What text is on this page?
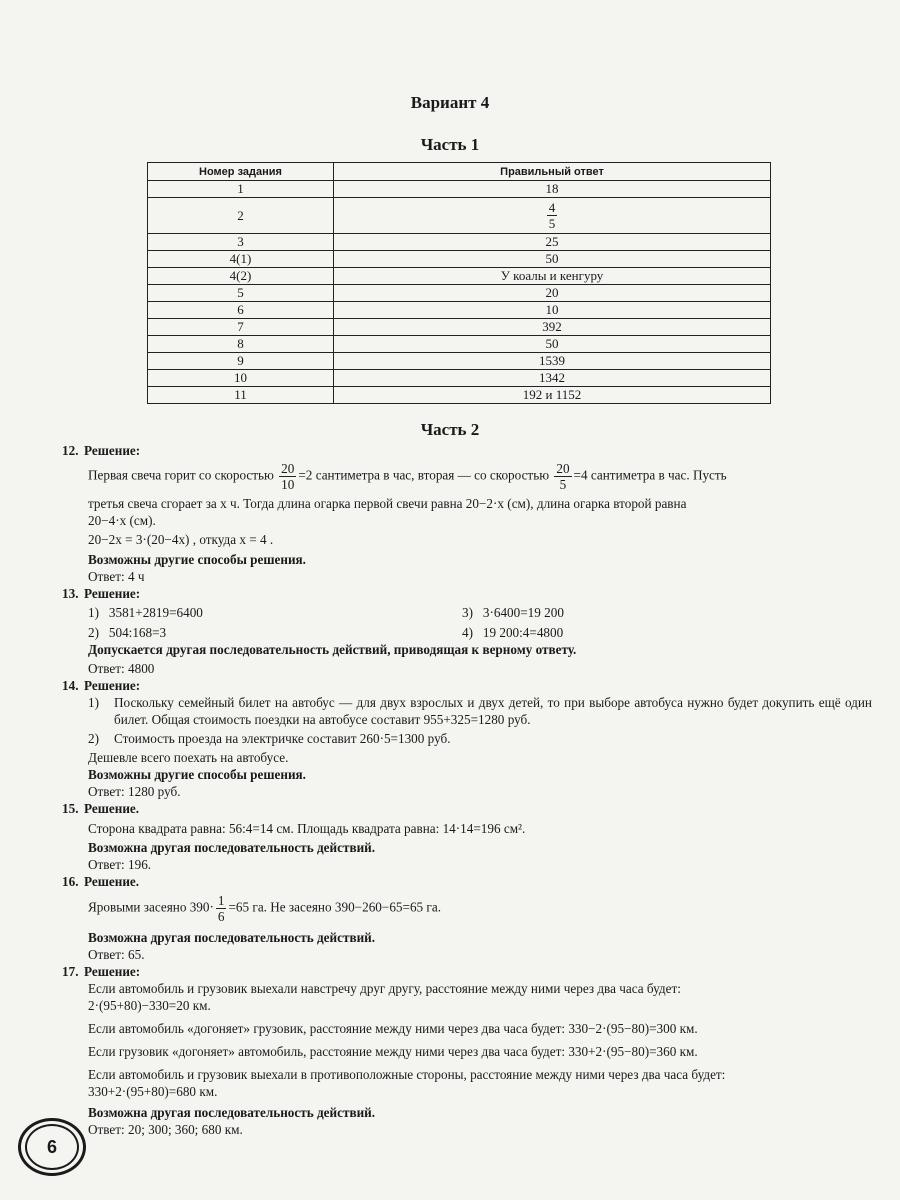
Вариант 4
Часть 1
Номер задания	Правильный ответ
1	18
2	$\frac{4}{5}$

3	25
4(1)	50
4(2)	У коалы и кенгуру
5	20
6	10
7	392
8	50
9	1539
10	1342
11	192 и 1152
Часть 2
12. Решение:
Первая свеча горит со скоростью $\frac{20}{10} =2$ сантиметра в час, вторая — со скоростью $\frac{20}{5} =4$ сантиметра в час. Пусть
третья свеча сгорает за x ч. Тогда длина огарка первой свечи равна 20−2·x (см), длина огарка второй равна
20−4·x (см).
20−2x = 3·(20−4x) , откуда x = 4 .
Возможны другие способы решения.
Ответ: 4 ч
13. Решение:
1)   3581+2819=6400	3)   3·6400=19 200
2)   504:168=3	4)   19 200:4=4800
Допускается другая последовательность действий, приводящая к верному ответу.
Ответ: 4800
14. Решение:
1)	Поскольку семейный билет на автобус — для двух взрослых и двух детей, то при выборе автобуса нужно будет докупить ещё один билет. Общая стоимость поездки на автобусе составит 955+325=1280 руб.
2)	Стоимость проезда на электричке составит 260·5=1300 руб.
Дешевле всего поехать на автобусе.
Возможны другие способы решения.
Ответ: 1280 руб.
15. Решение.
Сторона квадрата равна: 56:4=14 см. Площадь квадрата равна: 14·14=196 см².
Возможна другая последовательность действий.
Ответ: 196.
16. Решение.
Яровыми засеяно $390\cdot \frac{1}{6} =65$ га. Не засеяно 390−260−65=65 га.
Возможна другая последовательность действий.
Ответ: 65.
17. Решение:
Если автомобиль и грузовик выехали навстречу друг другу, расстояние между ними через два часа будет:
2·(95+80)−330=20 км.
Если автомобиль «догоняет» грузовик, расстояние между ними через два часа будет: 330−2·(95−80)=300 км.
Если грузовик «догоняет» автомобиль, расстояние между ними через два часа будет: 330+2·(95−80)=360 км.
Если автомобиль и грузовик выехали в противоположные стороны, расстояние между ними через два часа будет:
330+2·(95+80)=680 км.
Возможна другая последовательность действий.
Ответ: 20; 300; 360; 680 км.
6
